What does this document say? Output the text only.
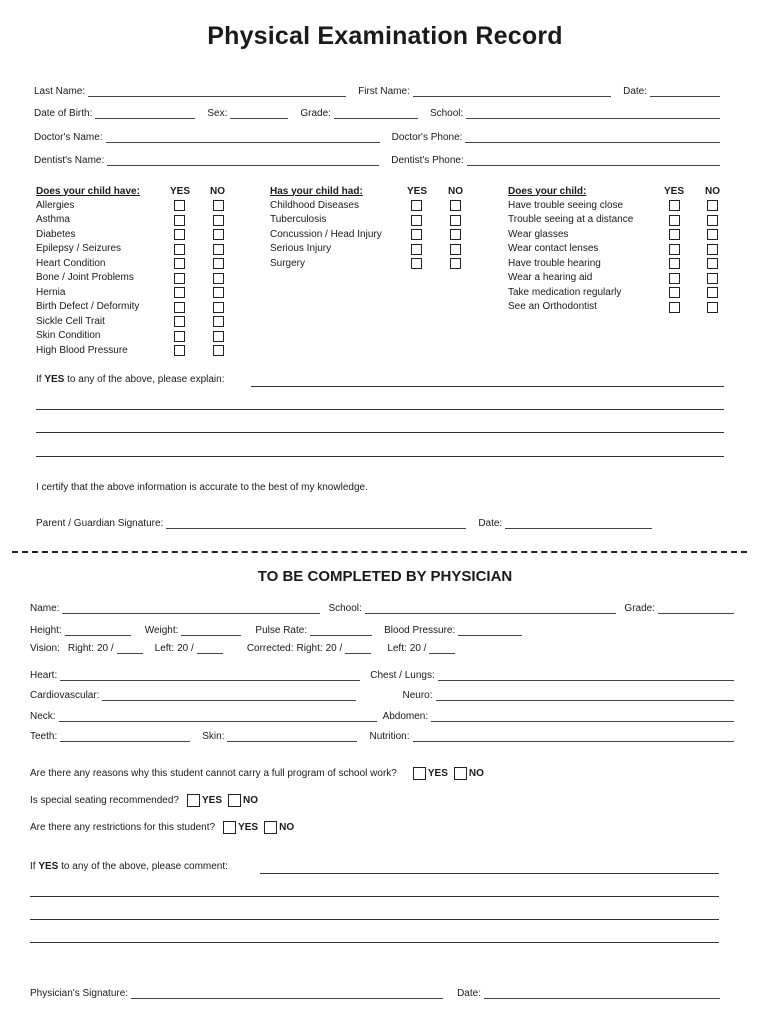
Physical Examination Record
Last Name:	First Name:	Date:
Date of Birth:	Sex:	Grade:	School:
Doctor's Name:	Doctor's Phone:
Dentist's Name:	Dentist's Phone:
Does your child have:	YES NO
Allergies
Asthma
Diabetes
Epilepsy / Seizures
Heart Condition
Bone / Joint Problems
Hernia
Birth Defect / Deformity
Sickle Cell Trait
Skin Condition
High Blood Pressure
Has your child had:	YES NO
Childhood Diseases
Tuberculosis
Concussion / Head Injury
Serious Injury
Surgery
Does your child:	YES NO
Have trouble seeing close
Trouble seeing at a distance
Wear glasses
Wear contact lenses
Have trouble hearing
Wear a hearing aid
Take medication regularly
See an Orthodontist
If YES to any of the above, please explain:
I certify that the above information is accurate to the best of my knowledge.
Parent / Guardian Signature:	Date:
TO BE COMPLETED BY PHYSICIAN
Name:	School:	Grade:
Height:	Weight:	Pulse Rate:	Blood Pressure:
Vision: Right: 20 /	Left: 20 /	Corrected: Right: 20 /	Left: 20 /
Heart:	Chest / Lungs:
Cardiovascular:	Neuro:
Neck:	Abdomen:
Teeth:	Skin:	Nutrition:
Are there any reasons why this student cannot carry a full program of school work?	YES NO
Is special seating recommended? YES NO
Are there any restrictions for this student? YES NO
If YES to any of the above, please comment:
Physician's Signature:	Date:
